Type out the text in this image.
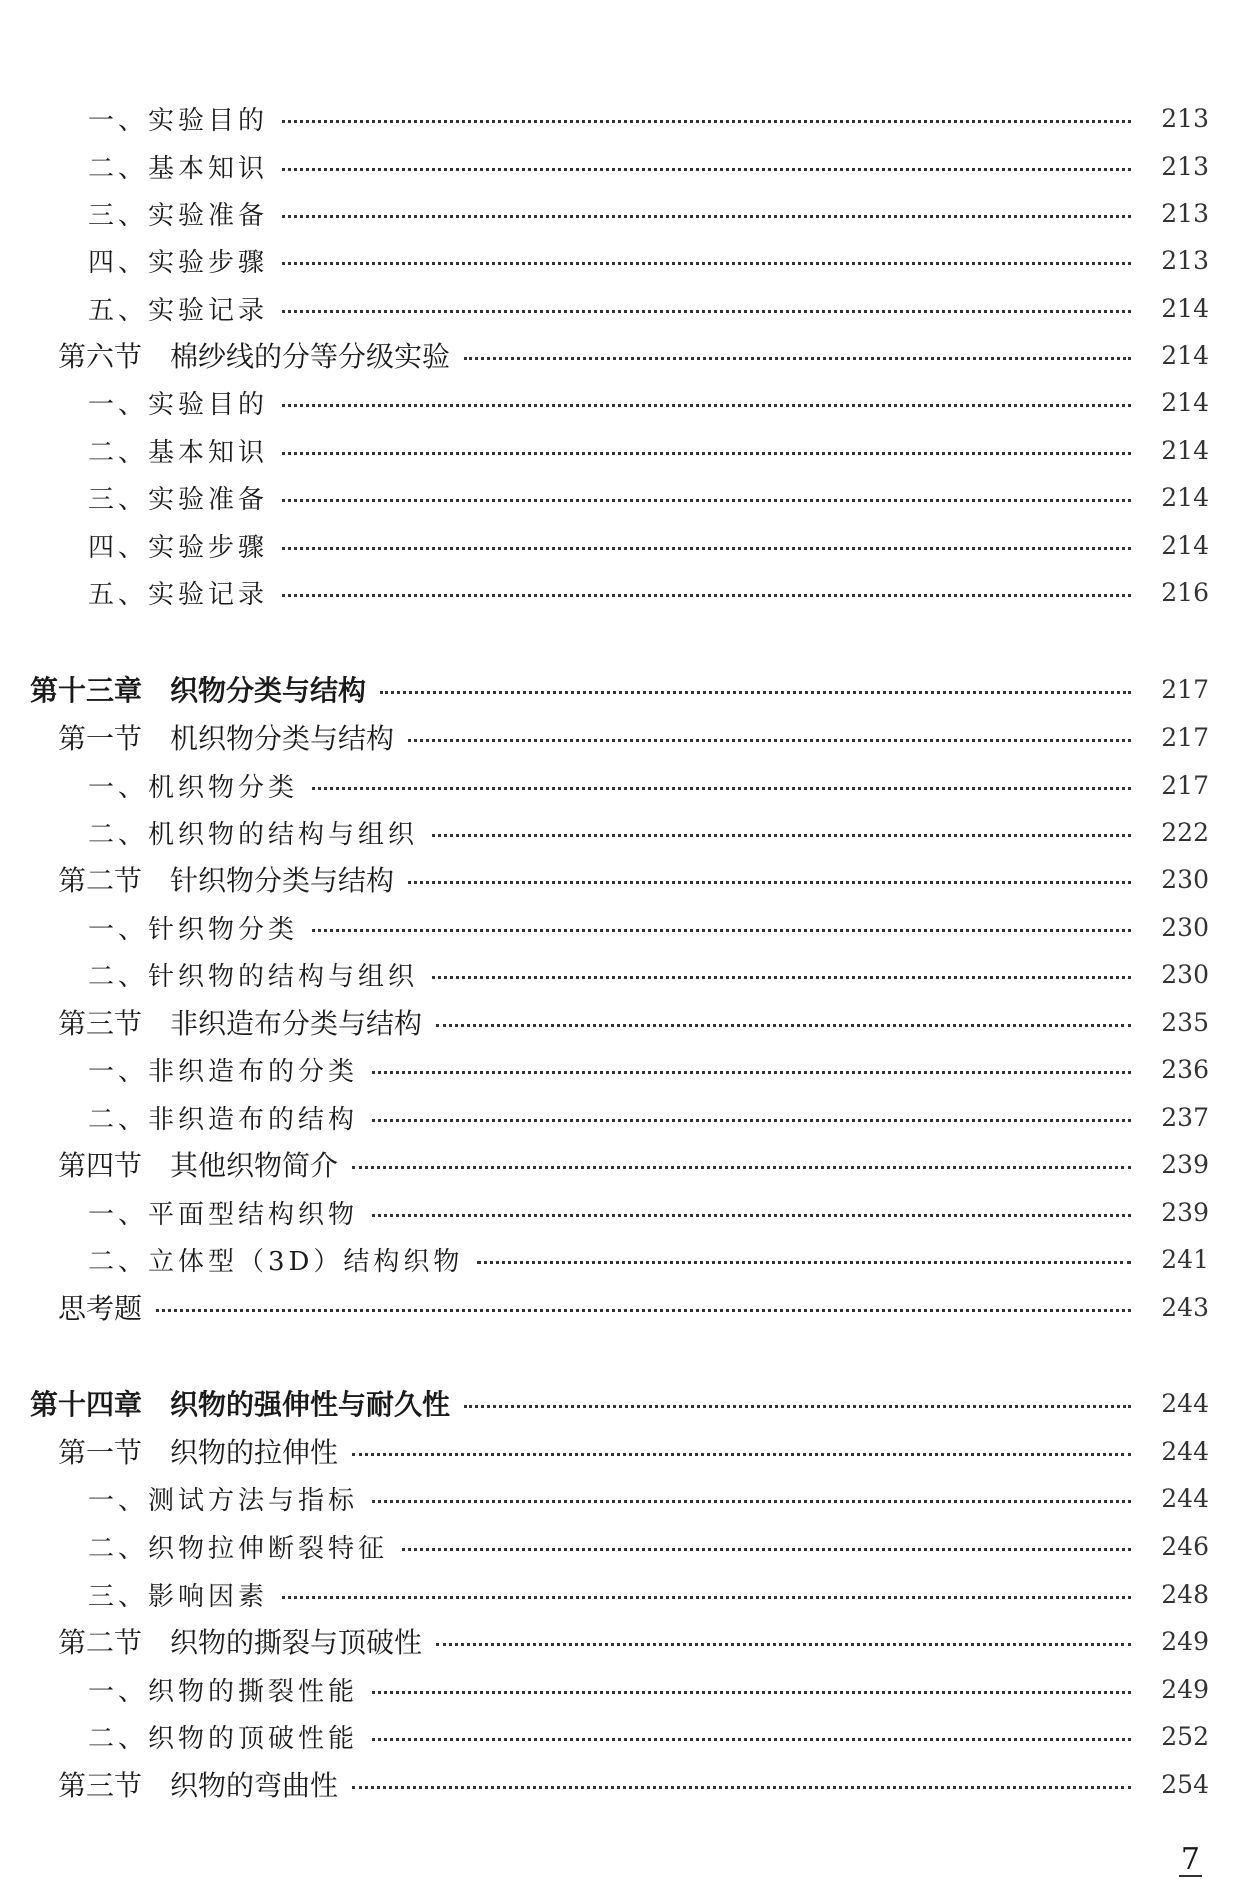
一、实验目的	213
二、基本知识	213
三、实验准备	213
四、实验步骤	213
五、实验记录	214
第六节　棉纱线的分等分级实验	214
一、实验目的	214
二、基本知识	214
三、实验准备	214
四、实验步骤	214
五、实验记录	216
第十三章　织物分类与结构	217
第一节　机织物分类与结构	217
一、机织物分类	217
二、机织物的结构与组织	222
第二节　针织物分类与结构	230
一、针织物分类	230
二、针织物的结构与组织	230
第三节　非织造布分类与结构	235
一、非织造布的分类	236
二、非织造布的结构	237
第四节　其他织物简介	239
一、平面型结构织物	239
二、立体型（3D）结构织物	241
思考题	243
第十四章　织物的强伸性与耐久性	244
第一节　织物的拉伸性	244
一、测试方法与指标	244
二、织物拉伸断裂特征	246
三、影响因素	248
第二节　织物的撕裂与顶破性	249
一、织物的撕裂性能	249
二、织物的顶破性能	252
第三节　织物的弯曲性	254
7
